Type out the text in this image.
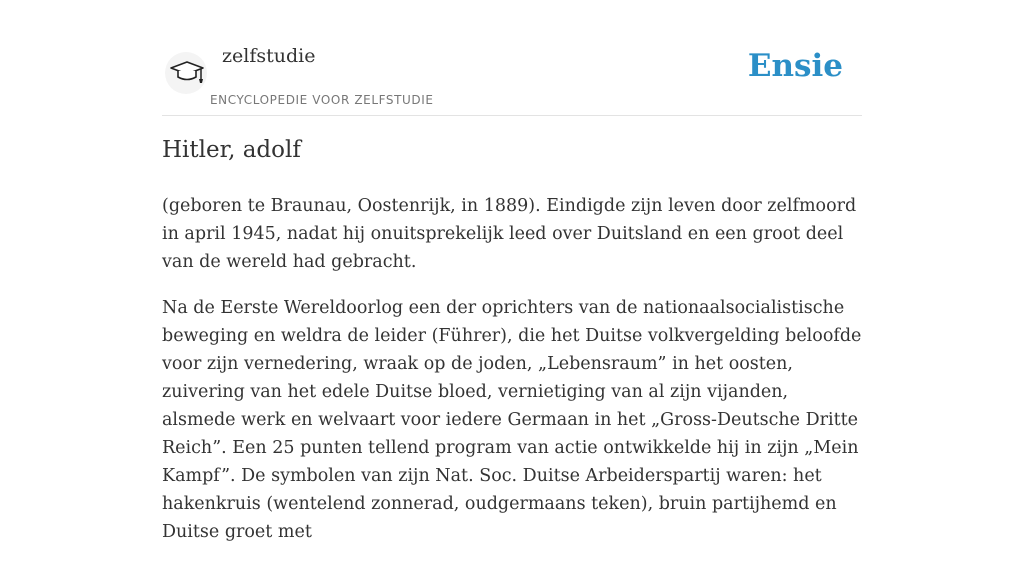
zelfstudie
ENCYCLOPEDIE VOOR ZELFSTUDIE
Ensie
Hitler, adolf

(geboren te Braunau, Oostenrijk, in 1889). Eindigde zijn leven door zelfmoord in april 1945, nadat hij onuitsprekelijk leed over Duitsland en een groot deel van de wereld had gebracht.

Na de Eerste Wereldoorlog een der oprichters van de nationaalsocialistische beweging en weldra de leider (Führer), die het Duitse volkvergelding beloofde voor zijn vernedering, wraak op de joden, „Lebensraum” in het oosten, zuivering van het edele Duitse bloed, vernietiging van al zijn vijanden, alsmede werk en welvaart voor iedere Germaan in het „Gross-Deutsche Dritte Reich”. Een 25 punten tellend program van actie ontwikkelde hij in zijn „Mein Kampf”. De symbolen van zijn Nat. Soc. Duitse Arbeiderspartij waren: het hakenkruis (wentelend zonnerad, oudgermaans teken), bruin partijhemd en Duitse groet met
